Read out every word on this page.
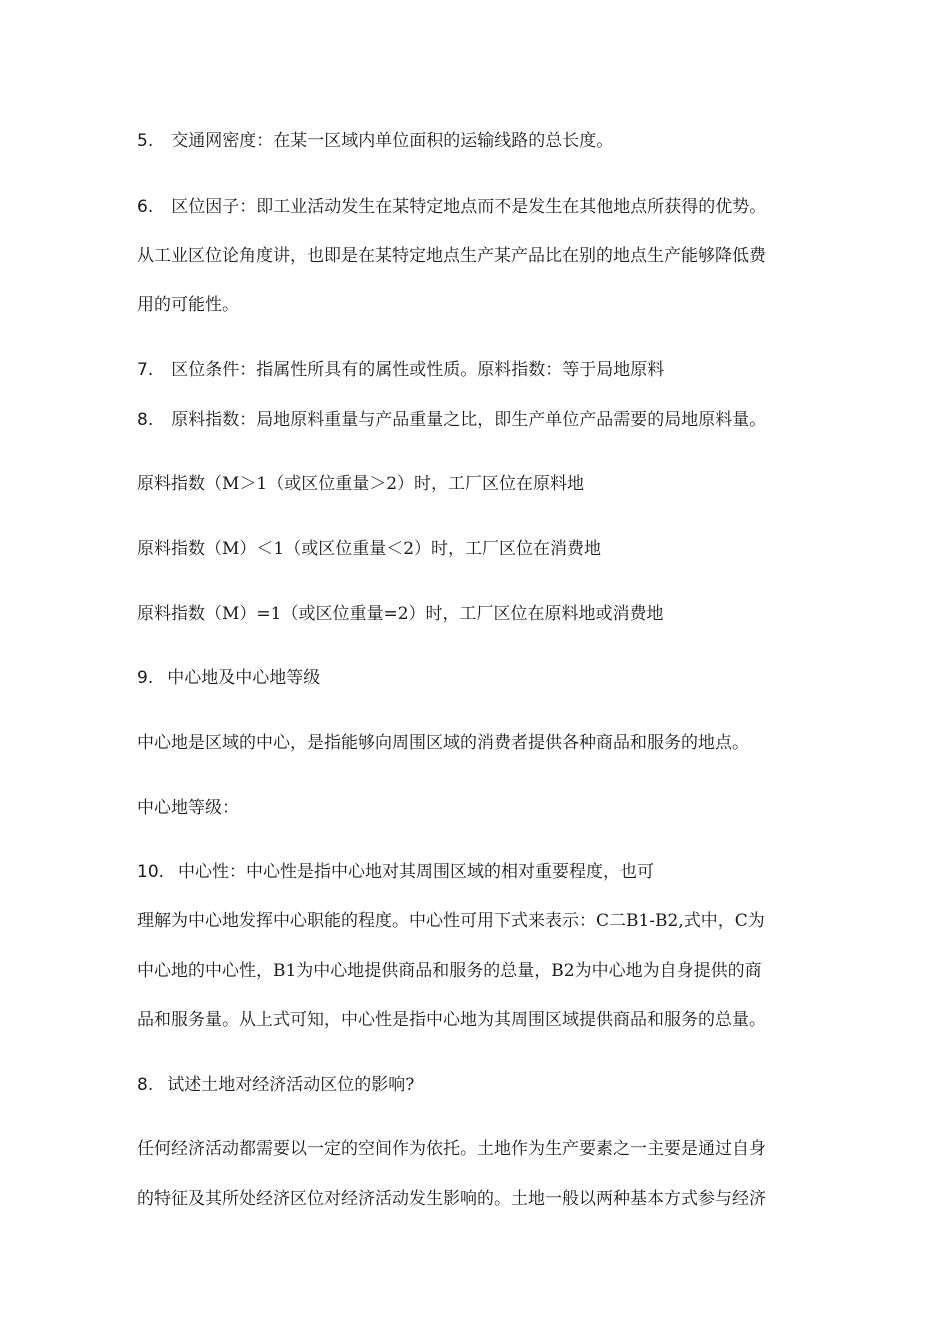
5. 交通网密度：在某一区域内单位面积的运输线路的总长度。
6. 区位因子：即工业活动发生在某特定地点而不是发生在其他地点所获得的优势。
从工业区位论角度讲，也即是在某特定地点生产某产品比在别的地点生产能够降低费
用的可能性。
7. 区位条件：指属性所具有的属性或性质。原料指数：等于局地原料
8. 原料指数：局地原料重量与产品重量之比，即生产单位产品需要的局地原料量。
原料指数（M＞1（或区位重量＞2）时，工厂区位在原料地
原料指数（M）＜1（或区位重量＜2）时，工厂区位在消费地
原料指数（M）=1（或区位重量=2）时，工厂区位在原料地或消费地
9. 中心地及中心地等级
中心地是区域的中心，是指能够向周围区域的消费者提供各种商品和服务的地点。
中心地等级：
10. 中心性：中心性是指中心地对其周围区域的相对重要程度，也可
理解为中心地发挥中心职能的程度。中心性可用下式来表示：C二B1-B2,式中，C为
中心地的中心性，B1为中心地提供商品和服务的总量，B2为中心地为自身提供的商
品和服务量。从上式可知，中心性是指中心地为其周围区域提供商品和服务的总量。
8. 试述土地对经济活动区位的影响?
任何经济活动都需要以一定的空间作为依托。土地作为生产要素之一主要是通过自身
的特征及其所处经济区位对经济活动发生影响的。土地一般以两种基本方式参与经济
